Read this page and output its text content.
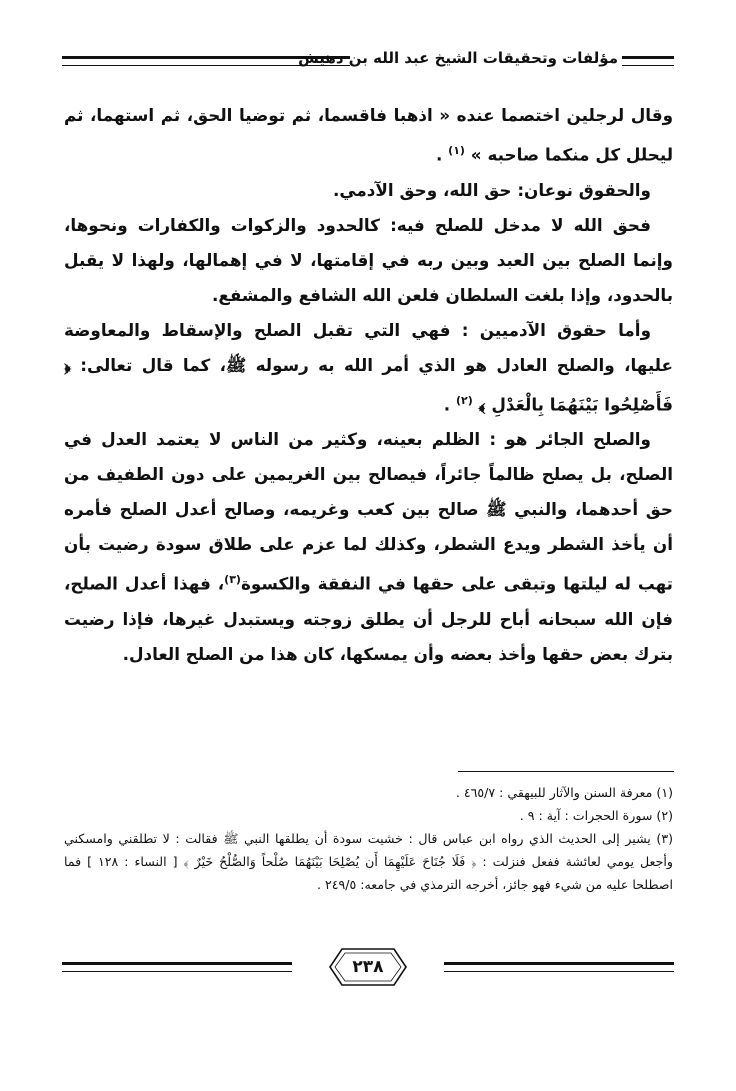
مؤلفات وتحقيقات الشيخ عبد الله بن دهيش

وقال لرجلين اختصما عنده « اذهبا فاقسما، ثم توضيا الحق، ثم استهما، ثم ليحلل كل منكما صاحبه » $^{(١)}$ .

والحقوق نوعان: حق الله، وحق الآدمي.

فحق الله لا مدخل للصلح فيه: كالحدود والزكوات والكفارات ونحوها، وإنما الصلح بين العبد وبين ربه في إقامتها، لا في إهمالها، ولهذا لا يقبل بالحدود، وإذا بلغت السلطان فلعن الله الشافع والمشفع.

وأما حقوق الآدميين : فهي التي تقبل الصلح والإسقاط والمعاوضة عليها، والصلح العادل هو الذي أمر الله به رسوله ﷺ، كما قال تعالى: ﴿ فَأَصْلِحُوا بَيْنَهُمَا بِالْعَدْلِ ﴾ $^{(٢)}$ .

والصلح الجائر هو : الظلم بعينه، وكثير من الناس لا يعتمد العدل في الصلح، بل يصلح ظالماً جائراً، فيصالح بين الغريمين على دون الطفيف من حق أحدهما، والنبي ﷺ صالح بين كعب وغريمه، وصالح أعدل الصلح فأمره أن يأخذ الشطر ويدع الشطر، وكذلك لما عزم على طلاق سودة رضيت بأن تهب له ليلتها وتبقى على حقها في النفقة والكسوة$^{(٣)}$، فهذا أعدل الصلح، فإن الله سبحانه أباح للرجل أن يطلق زوجته ويستبدل غيرها، فإذا رضيت بترك بعض حقها وأخذ بعضه وأن يمسكها، كان هذا من الصلح العادل.

(١) معرفة السنن والآثار للبيهقي : ٤٦٥/٧ .

(٢) سورة الحجرات : آية : ٩ .

(٣) يشير إلى الحديث الذي رواه ابن عباس قال : خشيت سودة أن يطلقها النبي ﷺ فقالت : لا تطلقني وامسكني وأجعل يومي لعائشة ففعل فنزلت : ﴿ فَلَا جُنَاحَ عَلَيْهِمَا أَن يُصْلِحَا بَيْنَهُمَا صُلْحاً وَالصُّلْحُ خَيْرٌ ﴾ [ النساء : ١٢٨ ] فما اصطلحا عليه من شيء فهو جائز، أخرجه الترمذي في جامعه: ٢٤٩/٥ .

٢٣٨
